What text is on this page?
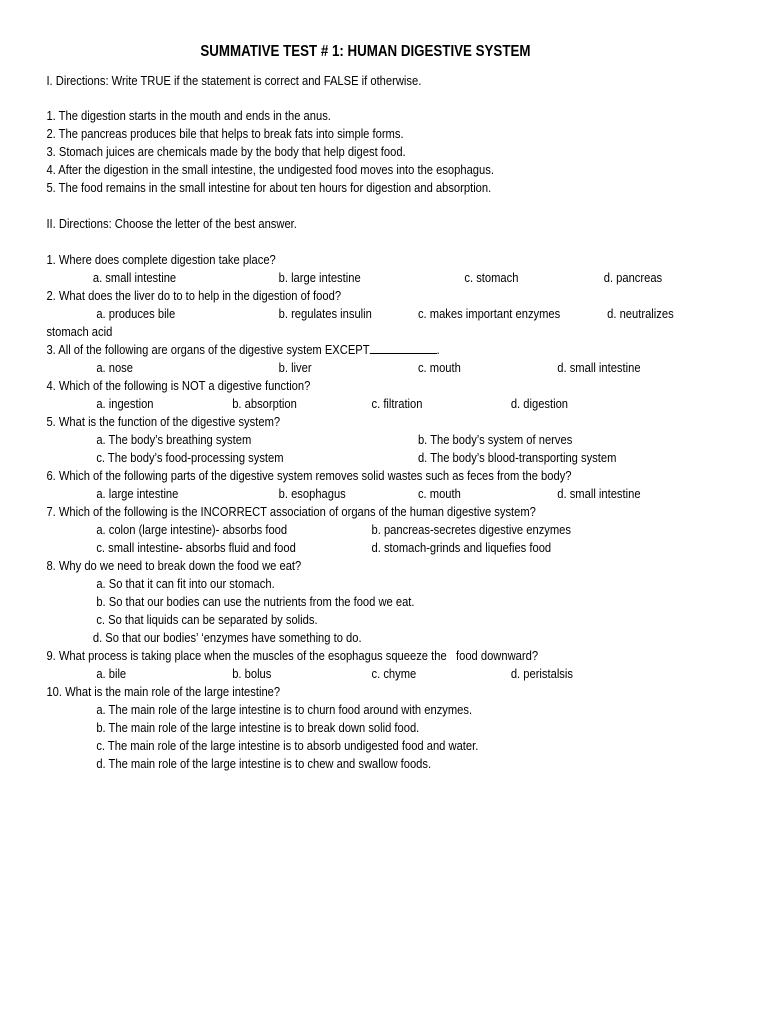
SUMMATIVE TEST # 1: HUMAN DIGESTIVE SYSTEM
I. Directions: Write TRUE if the statement is correct and FALSE if otherwise.
1. The digestion starts in the mouth and ends in the anus.
2. The pancreas produces bile that helps to break fats into simple forms.
3. Stomach juices are chemicals made by the body that help digest food.
4. After the digestion in the small intestine, the undigested food moves into the esophagus.
5. The food remains in the small intestine for about ten hours for digestion and absorption.
II. Directions: Choose the letter of the best answer.
1. Where does complete digestion take place?
a. small intestine	b. large intestine	c. stomach	d. pancreas
2. What does the liver do to to help in the digestion of food?
a. produces bile	b. regulates insulin	c. makes important enzymes	d. neutralizes
stomach acid
3. All of the following are organs of the digestive system EXCEPT	.
a. nose	b. liver	c. mouth	d. small intestine
4. Which of the following is NOT a digestive function?
a. ingestion	b. absorption	c. filtration	d. digestion
5. What is the function of the digestive system?
a. The body’s breathing system	b. The body’s system of nerves
c. The body’s food-processing system	d. The body’s blood-transporting system
6. Which of the following parts of the digestive system removes solid wastes such as feces from the body?
a. large intestine	b. esophagus	c. mouth	d. small intestine
7. Which of the following is the INCORRECT association of organs of the human digestive system?
a. colon (large intestine)- absorbs food	b. pancreas-secretes digestive enzymes
c. small intestine- absorbs fluid and food	d. stomach-grinds and liquefies food
8. Why do we need to break down the food we eat?
a. So that it can fit into our stomach.
b. So that our bodies can use the nutrients from the food we eat.
c. So that liquids can be separated by solids.
d. So that our bodies’ ‘enzymes have something to do.
9. What process is taking place when the muscles of the esophagus squeeze the   food downward?
a. bile	b. bolus	c. chyme	d. peristalsis
10. What is the main role of the large intestine?
a. The main role of the large intestine is to churn food around with enzymes.
b. The main role of the large intestine is to break down solid food.
c. The main role of the large intestine is to absorb undigested food and water.
d. The main role of the large intestine is to chew and swallow foods.
